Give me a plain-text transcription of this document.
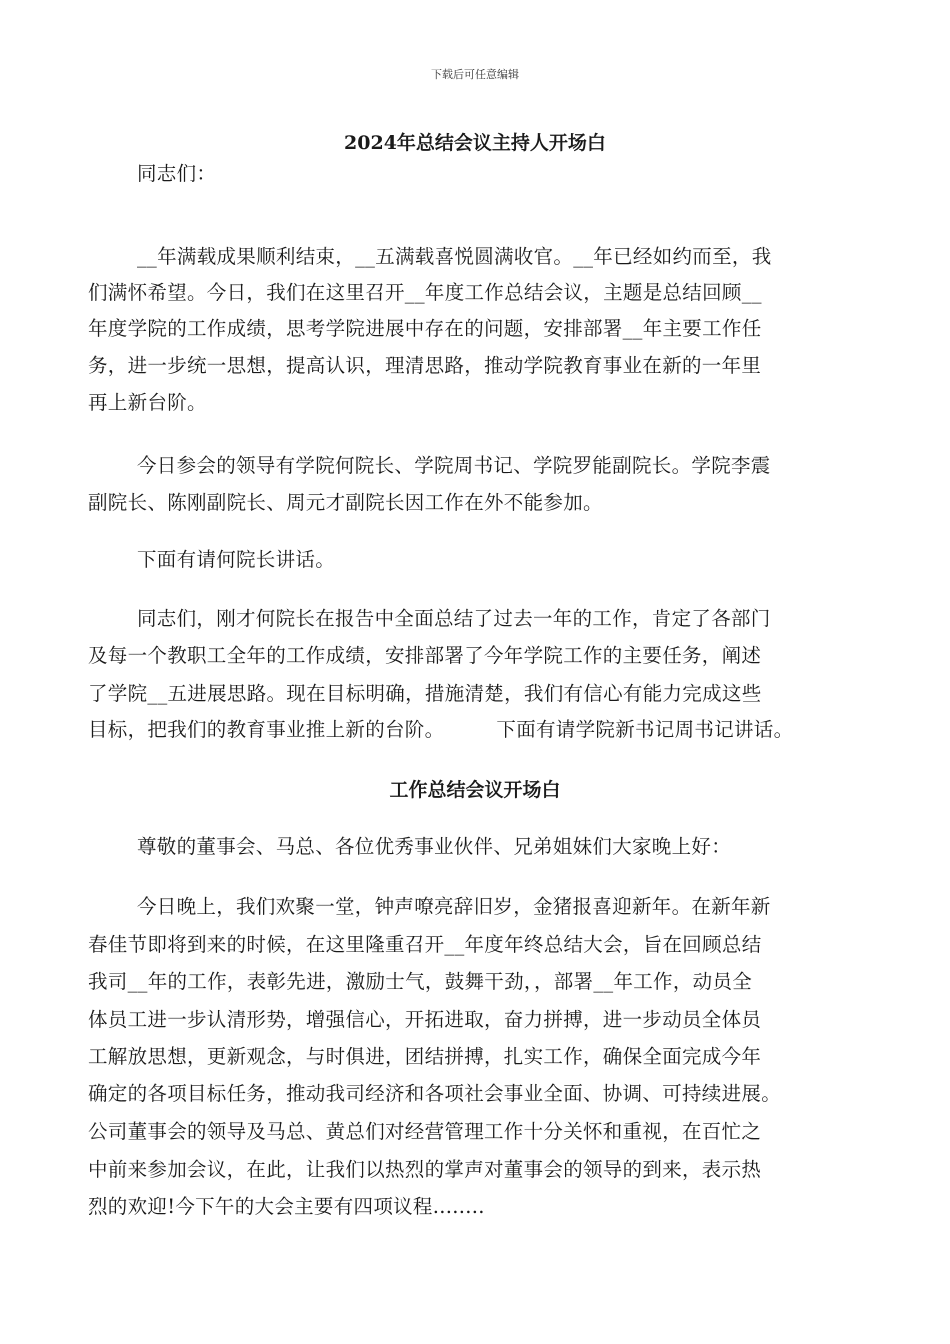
下载后可任意编辑
2024年总结会议主持人开场白
同志们：
__年满载成果顺利结束，__五满载喜悦圆满收官。__年已经如约而至，我
们满怀希望。今日，我们在这里召开__年度工作总结会议，主题是总结回顾__
年度学院的工作成绩，思考学院进展中存在的问题，安排部署__年主要工作任
务，进一步统一思想，提高认识，理清思路，推动学院教育事业在新的一年里
再上新台阶。
今日参会的领导有学院何院长、学院周书记、学院罗能副院长。学院李震
副院长、陈刚副院长、周元才副院长因工作在外不能参加。
下面有请何院长讲话。
同志们，刚才何院长在报告中全面总结了过去一年的工作，肯定了各部门
及每一个教职工全年的工作成绩，安排部署了今年学院工作的主要任务，阐述
了学院__五进展思路。现在目标明确，措施清楚，我们有信心有能力完成这些
目标，把我们的教育事业推上新的台阶。        下面有请学院新书记周书记讲话。
工作总结会议开场白
尊敬的董事会、马总、各位优秀事业伙伴、兄弟姐妹们大家晚上好：
今日晚上，我们欢聚一堂，钟声嘹亮辞旧岁，金猪报喜迎新年。在新年新
春佳节即将到来的时候，在这里隆重召开__年度年终总结大会，旨在回顾总结
我司__年的工作，表彰先进，激励士气，鼓舞干劲，，部署__年工作，动员全
体员工进一步认清形势，增强信心，开拓进取，奋力拼搏，进一步动员全体员
工解放思想，更新观念，与时俱进，团结拼搏，扎实工作，确保全面完成今年
确定的各项目标任务，推动我司经济和各项社会事业全面、协调、可持续进展。
公司董事会的领导及马总、黄总们对经营管理工作十分关怀和重视，在百忙之
中前来参加会议，在此，让我们以热烈的掌声对董事会的领导的到来，表示热
烈的欢迎!今下午的大会主要有四项议程........
